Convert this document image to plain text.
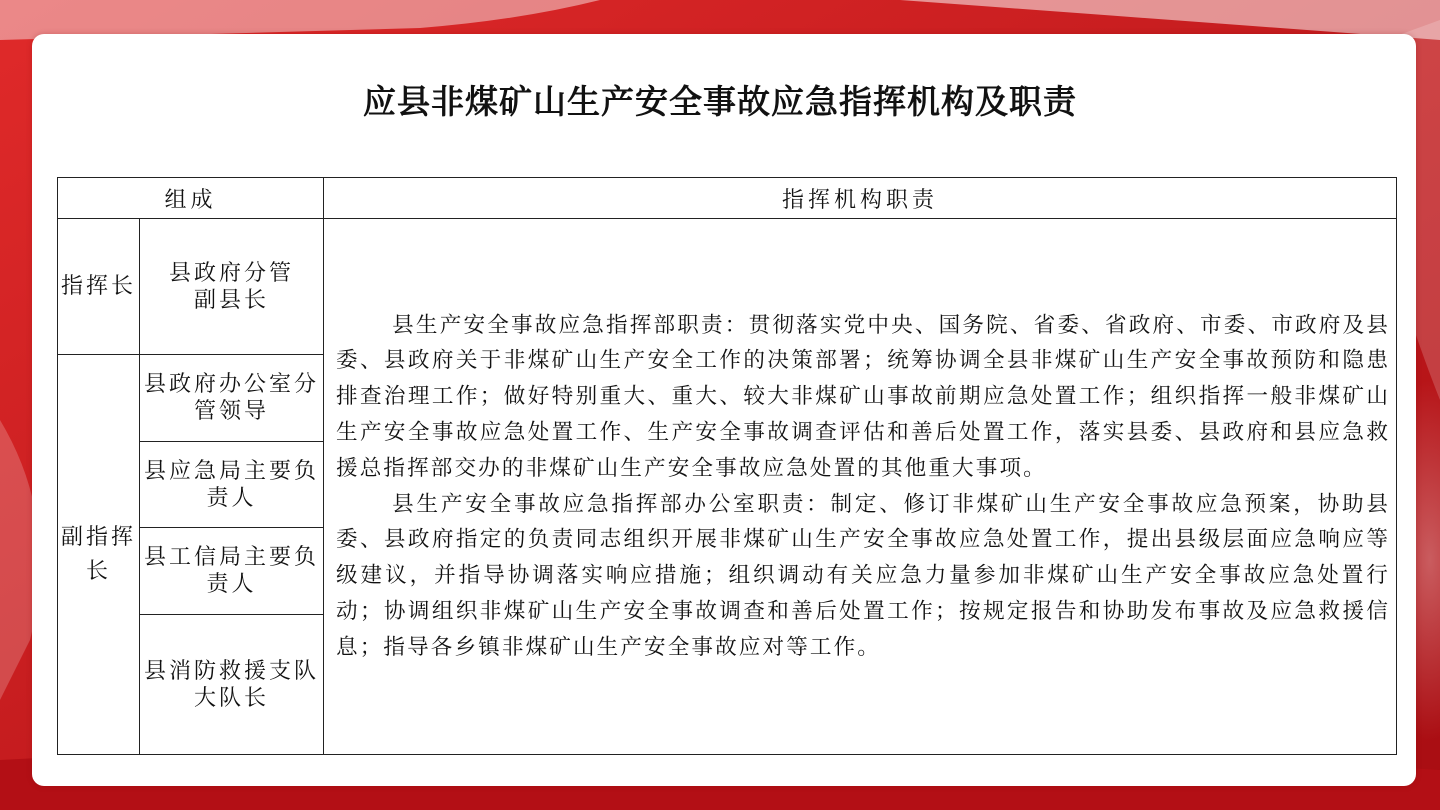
应县非煤矿山生产安全事故应急指挥机构及职责
组成		指挥机构职责
指挥长	县政府分管副县长	县生产安全事故应急指挥部职责：贯彻落实党中央、国务院、省委、省政府、市委、市政府及县委、县政府关于非煤矿山生产安全工作的决策部署；统筹协调全县非煤矿山生产安全事故预防和隐患排查治理工作；做好特别重大、重大、较大非煤矿山事故前期应急处置工作；组织指挥一般非煤矿山生产安全事故应急处置工作、生产安全事故调查评估和善后处置工作，落实县委、县政府和县应急救援总指挥部交办的非煤矿山生产安全事故应急处置的其他重大事项。

县生产安全事故应急指挥部办公室职责：制定、修订非煤矿山生产安全事故应急预案，协助县委、县政府指定的负责同志组织开展非煤矿山生产安全事故应急处置工作，提出县级层面应急响应等级建议，并指导协调落实响应措施；组织调动有关应急力量参加非煤矿山生产安全事故应急处置行动；协调组织非煤矿山生产安全事故调查和善后处置工作；按规定报告和协助发布事故及应急救援信息；指导各乡镇非煤矿山生产安全事故应对等工作。

副指挥长	县政府办公室分管领导	
	县应急局主要负责人	
	县工信局主要负责人	
	县消防救援支队大队长	
